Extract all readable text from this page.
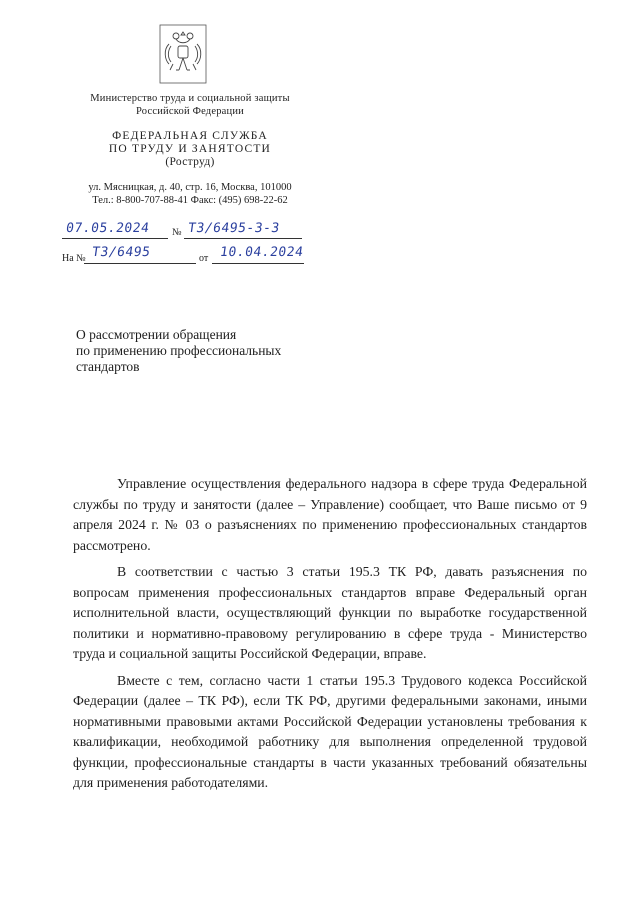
Министерство труда и социальной защиты
Российской Федерации
ФЕДЕРАЛЬНАЯ СЛУЖБА
ПО ТРУДУ И ЗАНЯТОСТИ
(Роструд)
ул. Мясницкая, д. 40, стр. 16, Москва, 101000
Тел.: 8-800-707-88-41 Факс: (495) 698-22-62
07.05.2024 № ТЗ/6495-3-3
На № ТЗ/6495	от 10.04.2024
О рассмотрении обращения
по применению профессиональных
стандартов

Управление осуществления федерального надзора в сфере труда Федеральной службы по труду и занятости (далее – Управление) сообщает, что Ваше письмо от 9 апреля 2024 г. № 03 о разъяснениях по применению профессиональных стандартов рассмотрено.

В соответствии с частью 3 статьи 195.3 ТК РФ, давать разъяснения по вопросам применения профессиональных стандартов вправе Федеральный орган исполнительной власти, осуществляющий функции по выработке государственной политики и нормативно-правовому регулированию в сфере труда - Министерство труда и социальной защиты Российской Федерации, вправе.

Вместе с тем, согласно части 1 статьи 195.3 Трудового кодекса Российской Федерации (далее – ТК РФ), если ТК РФ, другими федеральными законами, иными нормативными правовыми актами Российской Федерации установлены требования к квалификации, необходимой работнику для выполнения определенной трудовой функции, профессиональные стандарты в части указанных требований обязательны для применения работодателями.
